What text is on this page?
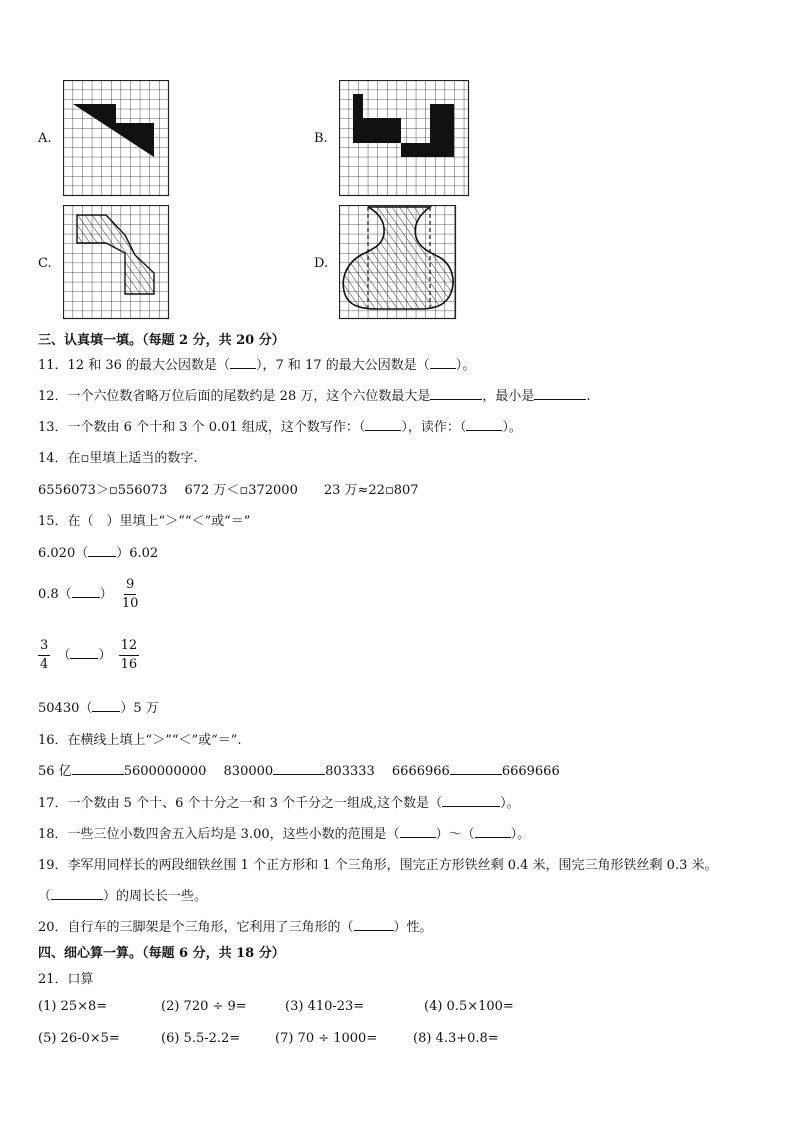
A.	B.
C.	D.
三、认真填一填。（每题 2 分，共 20 分）
11．12 和 36 的最大公因数是（ ），7 和 17 的最大公因数是（ ）。
12．一个六位数省略万位后面的尾数约是 28 万，这个六位数最大是	，最小是	.
13．一个数由 6 个十和 3 个 0.01 组成，这个数写作：（	），读作：（	）。
14．在▫里填上适当的数字.
6556073＞▫556073　 672 万＜▫372000　　23 万≈22▫807
15．在（　）里填上“＞”“＜”或“＝”
6.020（ ）6.02
0.8（ ） $\frac{9}{10}$
$\frac{3}{4}$ （ ） $\frac{12}{16}$
50430（ ）5 万
16．在横线上填上“＞”“＜”或“＝”.
56 亿	5600000000　 830000	803333　 6666966	6669666
17．一个数由 5 个十、6 个十分之一和 3 个千分之一组成,这个数是（	）。
18．一些三位小数四舍五入后均是 3.00，这些小数的范围是（	）～（	）。
19．李军用同样长的两段细铁丝围 1 个正方形和 1 个三角形，围完正方形铁丝剩 0.4 米，围完三角形铁丝剩 0.3 米。
（	）的周长长一些。
20．自行车的三脚架是个三角形，它利用了三角形的（	）性。
四、细心算一算。（每题 6 分，共 18 分）
21．口算
(1) 25×8=	(2) 720 ÷ 9=	(3) 410-23=	(4) 0.5×100=
(5) 26-0×5=	(6) 5.5-2.2=	(7) 70 ÷ 1000=	(8) 4.3+0.8=
